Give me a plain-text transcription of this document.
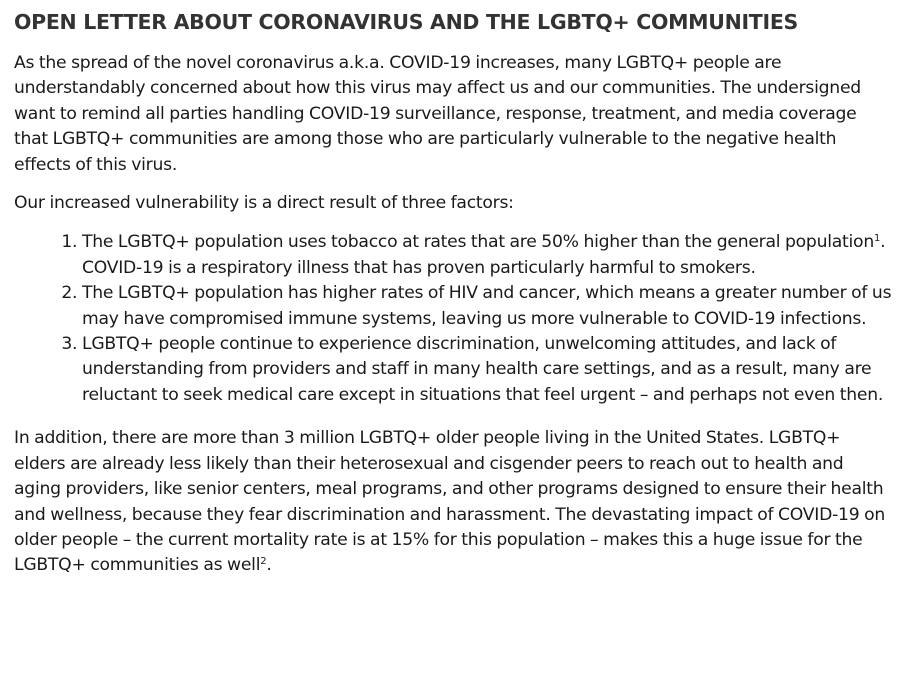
OPEN LETTER ABOUT CORONAVIRUS AND THE LGBTQ+ COMMUNITIES

As the spread of the novel coronavirus a.k.a. COVID-19 increases, many LGBTQ+ people are understandably concerned about how this virus may affect us and our communities. The undersigned want to remind all parties handling COVID-19 surveillance, response, treatment, and media coverage that LGBTQ+ communities are among those who are particularly vulnerable to the negative health effects of this virus.

Our increased vulnerability is a direct result of three factors:

1. The LGBTQ+ population uses tobacco at rates that are 50% higher than the general population$^1$. COVID-19 is a respiratory illness that has proven particularly harmful to smokers.
2. The LGBTQ+ population has higher rates of HIV and cancer, which means a greater number of us may have compromised immune systems, leaving us more vulnerable to COVID-19 infections.
3. LGBTQ+ people continue to experience discrimination, unwelcoming attitudes, and lack of understanding from providers and staff in many health care settings, and as a result, many are reluctant to seek medical care except in situations that feel urgent – and perhaps not even then.

In addition, there are more than 3 million LGBTQ+ older people living in the United States. LGBTQ+ elders are already less likely than their heterosexual and cisgender peers to reach out to health and aging providers, like senior centers, meal programs, and other programs designed to ensure their health and wellness, because they fear discrimination and harassment. The devastating impact of COVID-19 on older people – the current mortality rate is at 15% for this population – makes this a huge issue for the LGBTQ+ communities as well$^2$.
